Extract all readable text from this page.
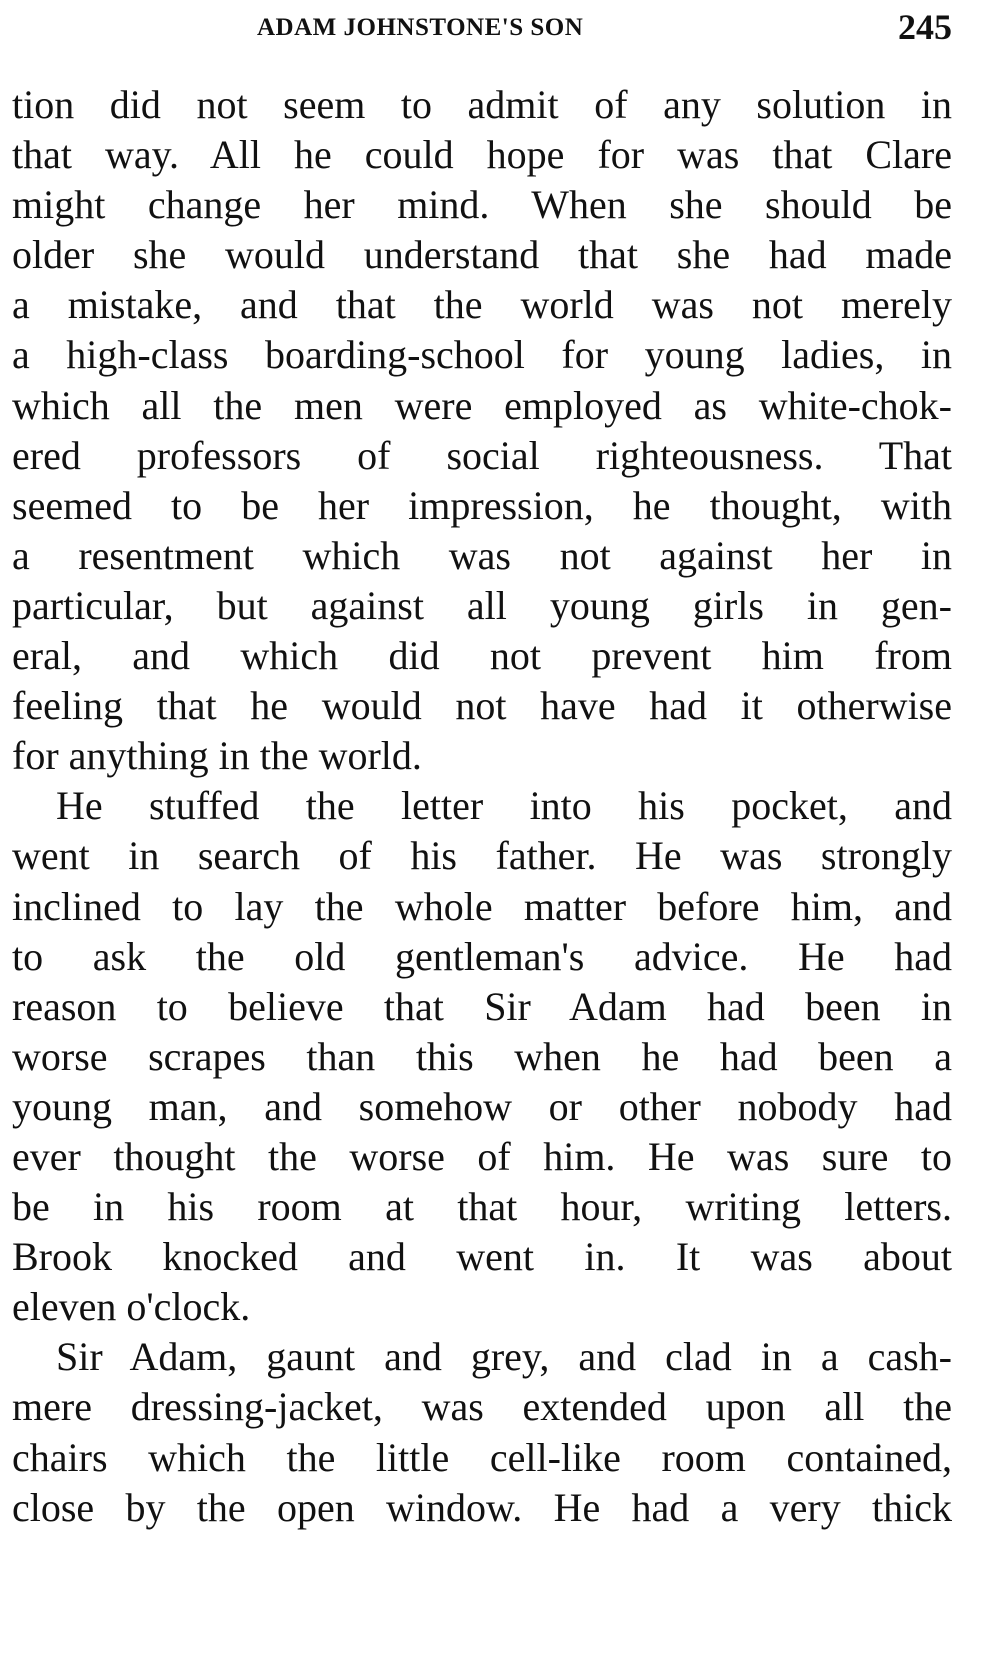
ADAM JOHNSTONE'S SON	245

tion did not seem to admit of any solution in
that way. All he could hope for was that Clare
might change her mind. When she should be
older she would understand that she had made
a mistake, and that the world was not merely
a high-class boarding-school for young ladies, in
which all the men were employed as white-chok-
ered professors of social righteousness. That
seemed to be her impression, he thought, with
a resentment which was not against her in
particular, but against all young girls in gen-
eral, and which did not prevent him from
feeling that he would not have had it otherwise
for anything in the world.

He stuffed the letter into his pocket, and
went in search of his father. He was strongly
inclined to lay the whole matter before him, and
to ask the old gentleman's advice. He had
reason to believe that Sir Adam had been in
worse scrapes than this when he had been a
young man, and somehow or other nobody had
ever thought the worse of him. He was sure to
be in his room at that hour, writing letters.
Brook knocked and went in. It was about
eleven o'clock.

Sir Adam, gaunt and grey, and clad in a cash-
mere dressing-jacket, was extended upon all the
chairs which the little cell-like room contained,
close by the open window. He had a very thick
